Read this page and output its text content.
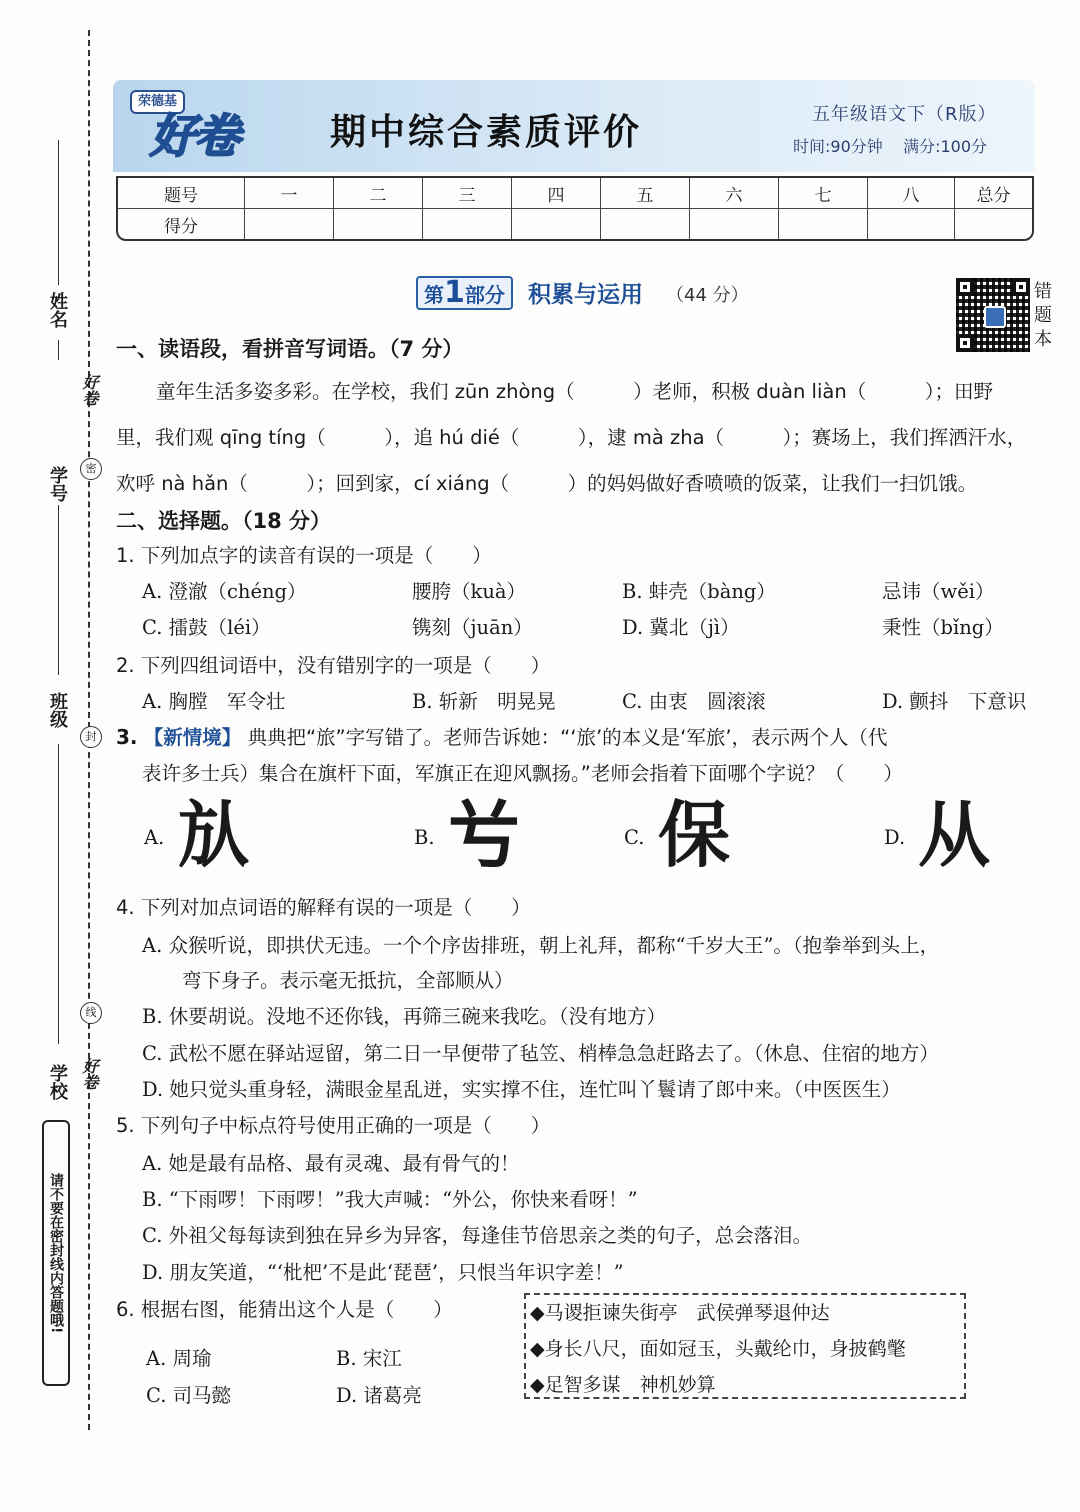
姓名
好卷
密
学号
班级
封
线
好卷
学校
请不要在密封线内答题哦!
荣德基
好卷	期中综合素质评价	五年级语文下（R版）
时间:90分钟 满分:100分
题号	一	二	三	四	五	六	七	八	总分
得分									
第1部分	积累与运用 （44 分）	错题本
一、读语段，看拼音写词语。（7 分）
童年生活多姿多彩。在学校，我们 zūn zhòng（　　　）老师，积极 duàn liàn（　　　）；田野
里，我们观 qīng tíng（　　　），追 hú dié（　　　），逮 mà zha（　　　）；赛场上，我们挥洒汗水，
欢呼 nà hǎn（　　　）；回到家，cí xiáng（　　　）的妈妈做好香喷喷的饭菜，让我们一扫饥饿。
二、选择题。（18 分）
1. 下列加点字的读音有误的一项是（　　）
A. 澄澈（chéng）	腰胯（kuà）	B. 蚌壳（bàng）	忌讳（wěi）
C. 擂鼓（léi）	镌刻（juān）	D. 冀北（jì）	秉性（bǐng）
2. 下列四组词语中，没有错别字的一项是（　　）
A. 胸膛　军令壮	B. 斩新　明晃晃	C. 由衷　圆滚滚	D. 颤抖　下意识
3. 【新情境】 典典把“旅”字写错了。老师告诉她：“‘旅’的本义是‘军旅’，表示两个人（代
表许多士兵）集合在旗杆下面，军旗正在迎风飘扬。”老师会指着下面哪个字说？（　　）
A. 㫃	B. 𠔃	C. 保	D. 从
4. 下列对加点词语的解释有误的一项是（　　）
A. 众猴听说，即拱伏无违。一个个序齿排班，朝上礼拜，都称“千岁大王”。（抱拳举到头上，
弯下身子。表示毫无抵抗，全部顺从）
B. 休要胡说。没地不还你钱，再筛三碗来我吃。（没有地方）
C. 武松不愿在驿站逗留，第二日一早便带了毡笠、梢棒急急赶路去了。（休息、住宿的地方）
D. 她只觉头重身轻，满眼金星乱迸，实实撑不住，连忙叫丫鬟请了郎中来。（中医医生）
5. 下列句子中标点符号使用正确的一项是（　　）
A. 她是最有品格、最有灵魂、最有骨气的！
B. “下雨啰！下雨啰！”我大声喊：“外公，你快来看呀！”
C. 外祖父每每读到独在异乡为异客，每逢佳节倍思亲之类的句子，总会落泪。
D. 朋友笑道，“‘枇杷’不是此‘琵琶’，只恨当年识字差！”
6. 根据右图，能猜出这个人是（　　）
A. 周瑜	B. 宋江
C. 司马懿	D. 诸葛亮
◆马谡拒谏失街亭　武侯弹琴退仲达
◆身长八尺，面如冠玉，头戴纶巾，身披鹤氅
◆足智多谋　神机妙算
